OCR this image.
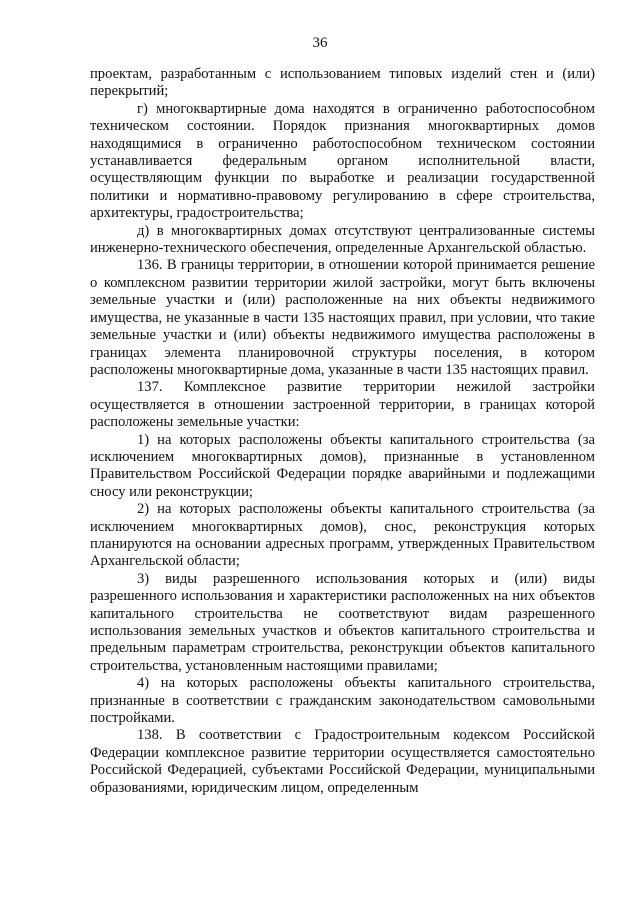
36

проектам, разработанным с использованием типовых изделий стен и (или) перекрытий;

г) многоквартирные дома находятся в ограниченно работоспособном техническом состоянии. Порядок признания многоквартирных домов находящимися в ограниченно работоспособном техническом состоянии устанавливается федеральным органом исполнительной власти, осуществляющим функции по выработке и реализации государственной политики и нормативно-правовому регулированию в сфере строительства, архитектуры, градостроительства;

д) в многоквартирных домах отсутствуют централизованные системы инженерно-технического обеспечения, определенные Архангельской областью.

136. В границы территории, в отношении которой принимается решение о комплексном развитии территории жилой застройки, могут быть включены земельные участки и (или) расположенные на них объекты недвижимого имущества, не указанные в части 135 настоящих правил, при условии, что такие земельные участки и (или) объекты недвижимого имущества расположены в границах элемента планировочной структуры поселения, в котором расположены многоквартирные дома, указанные в части 135 настоящих правил.

137. Комплексное развитие территории нежилой застройки осуществляется в отношении застроенной территории, в границах которой расположены земельные участки:

1) на которых расположены объекты капитального строительства (за исключением многоквартирных домов), признанные в установленном Правительством Российской Федерации порядке аварийными и подлежащими сносу или реконструкции;

2) на которых расположены объекты капитального строительства (за исключением многоквартирных домов), снос, реконструкция которых планируются на основании адресных программ, утвержденных Правительством Архангельской области;

3) виды разрешенного использования которых и (или) виды разрешенного использования и характеристики расположенных на них объектов капитального строительства не соответствуют видам разрешенного использования земельных участков и объектов капитального строительства и предельным параметрам строительства, реконструкции объектов капитального строительства, установленным настоящими правилами;

4) на которых расположены объекты капитального строительства, признанные в соответствии с гражданским законодательством самовольными постройками.

138. В соответствии с Градостроительным кодексом Российской Федерации комплексное развитие территории осуществляется самостоятельно Российской Федерацией, субъектами Российской Федерации, муниципальными образованиями, юридическим лицом, определенным
